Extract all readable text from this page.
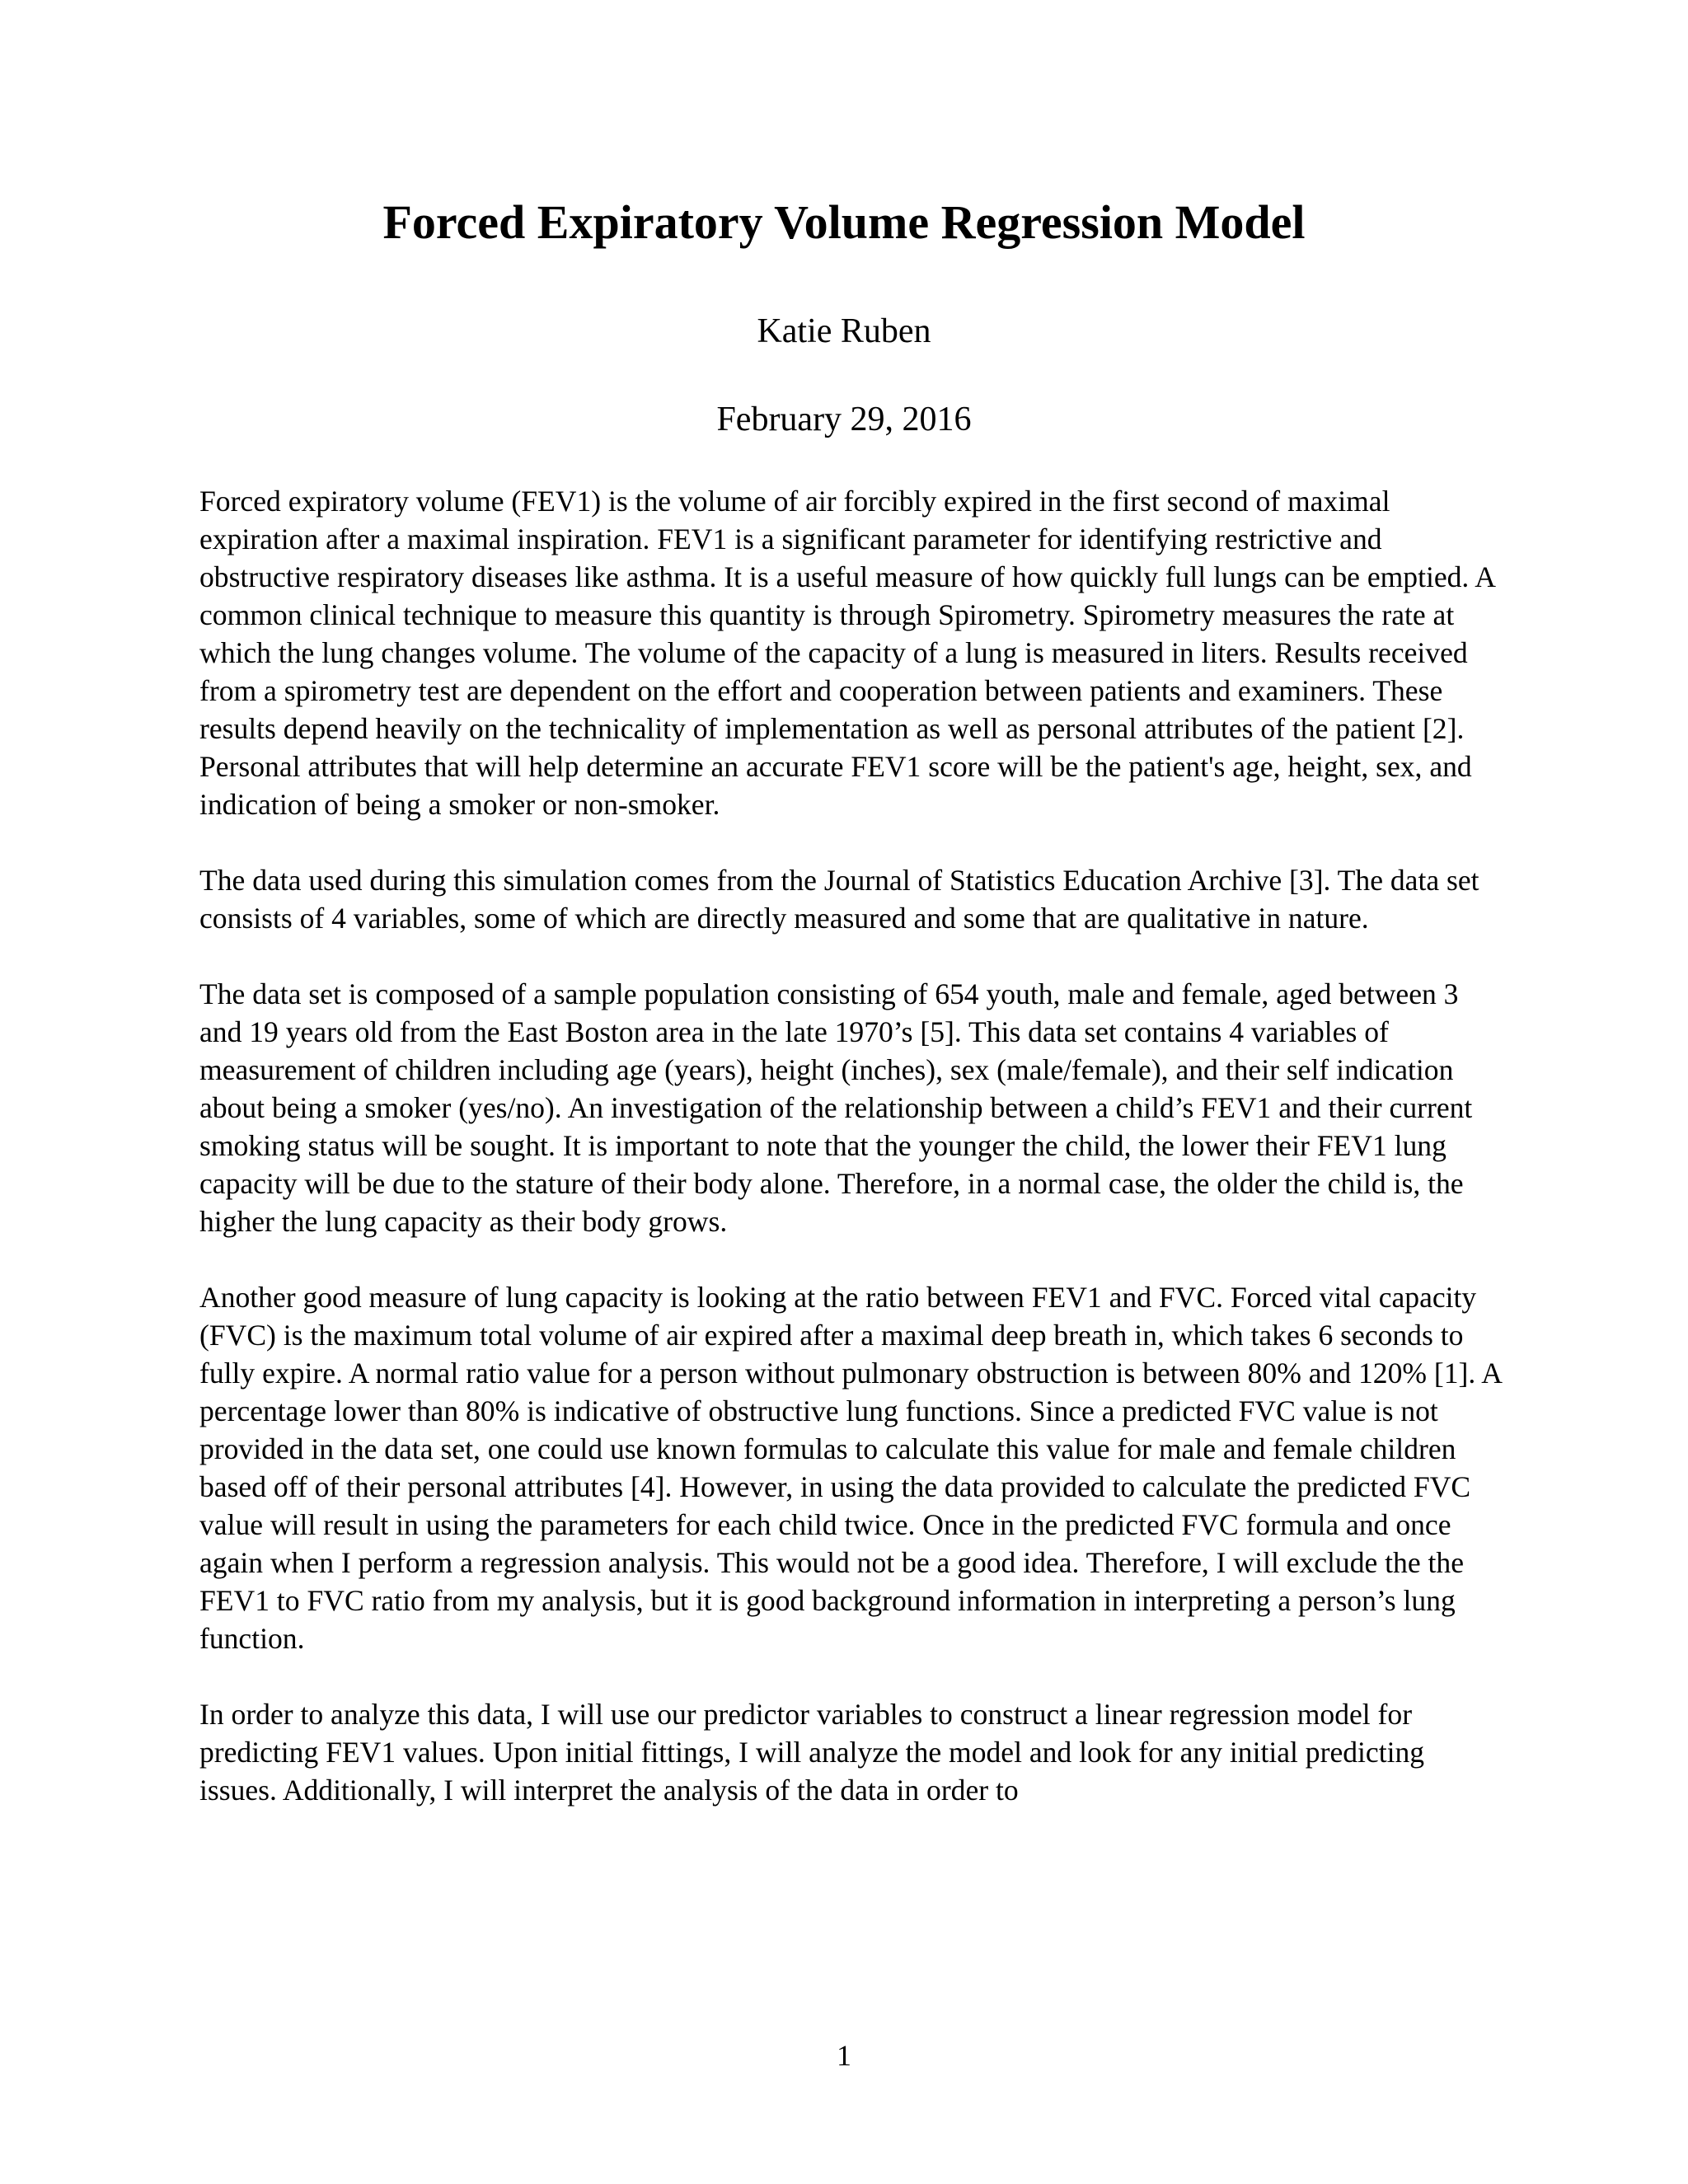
Forced Expiratory Volume Regression Model

Katie Ruben

February 29, 2016

Forced expiratory volume (FEV1) is the volume of air forcibly expired in the first second of maximal expiration after a maximal inspiration. FEV1 is a significant parameter for identifying restrictive and obstructive respiratory diseases like asthma. It is a useful measure of how quickly full lungs can be emptied. A common clinical technique to measure this quantity is through Spirometry. Spirometry measures the rate at which the lung changes volume. The volume of the capacity of a lung is measured in liters. Results received from a spirometry test are dependent on the effort and cooperation between patients and examiners. These results depend heavily on the technicality of implementation as well as personal attributes of the patient [2]. Personal attributes that will help determine an accurate FEV1 score will be the patient's age, height, sex, and indication of being a smoker or non-smoker.

The data used during this simulation comes from the Journal of Statistics Education Archive [3]. The data set consists of 4 variables, some of which are directly measured and some that are qualitative in nature.

The data set is composed of a sample population consisting of 654 youth, male and female, aged between 3 and 19 years old from the East Boston area in the late 1970’s [5]. This data set contains 4 variables of measurement of children including age (years), height (inches), sex (male/female), and their self indication about being a smoker (yes/no). An investigation of the relationship between a child’s FEV1 and their current smoking status will be sought. It is important to note that the younger the child, the lower their FEV1 lung capacity will be due to the stature of their body alone. Therefore, in a normal case, the older the child is, the higher the lung capacity as their body grows.

Another good measure of lung capacity is looking at the ratio between FEV1 and FVC. Forced vital capacity (FVC) is the maximum total volume of air expired after a maximal deep breath in, which takes 6 seconds to fully expire. A normal ratio value for a person without pulmonary obstruction is between 80% and 120% [1]. A percentage lower than 80% is indicative of obstructive lung functions. Since a predicted FVC value is not provided in the data set, one could use known formulas to calculate this value for male and female children based off of their personal attributes [4]. However, in using the data provided to calculate the predicted FVC value will result in using the parameters for each child twice. Once in the predicted FVC formula and once again when I perform a regression analysis. This would not be a good idea. Therefore, I will exclude the the FEV1 to FVC ratio from my analysis, but it is good background information in interpreting a person’s lung function.

In order to analyze this data, I will use our predictor variables to construct a linear regression model for predicting FEV1 values. Upon initial fittings, I will analyze the model and look for any initial predicting issues. Additionally, I will interpret the analysis of the data in order to

1
